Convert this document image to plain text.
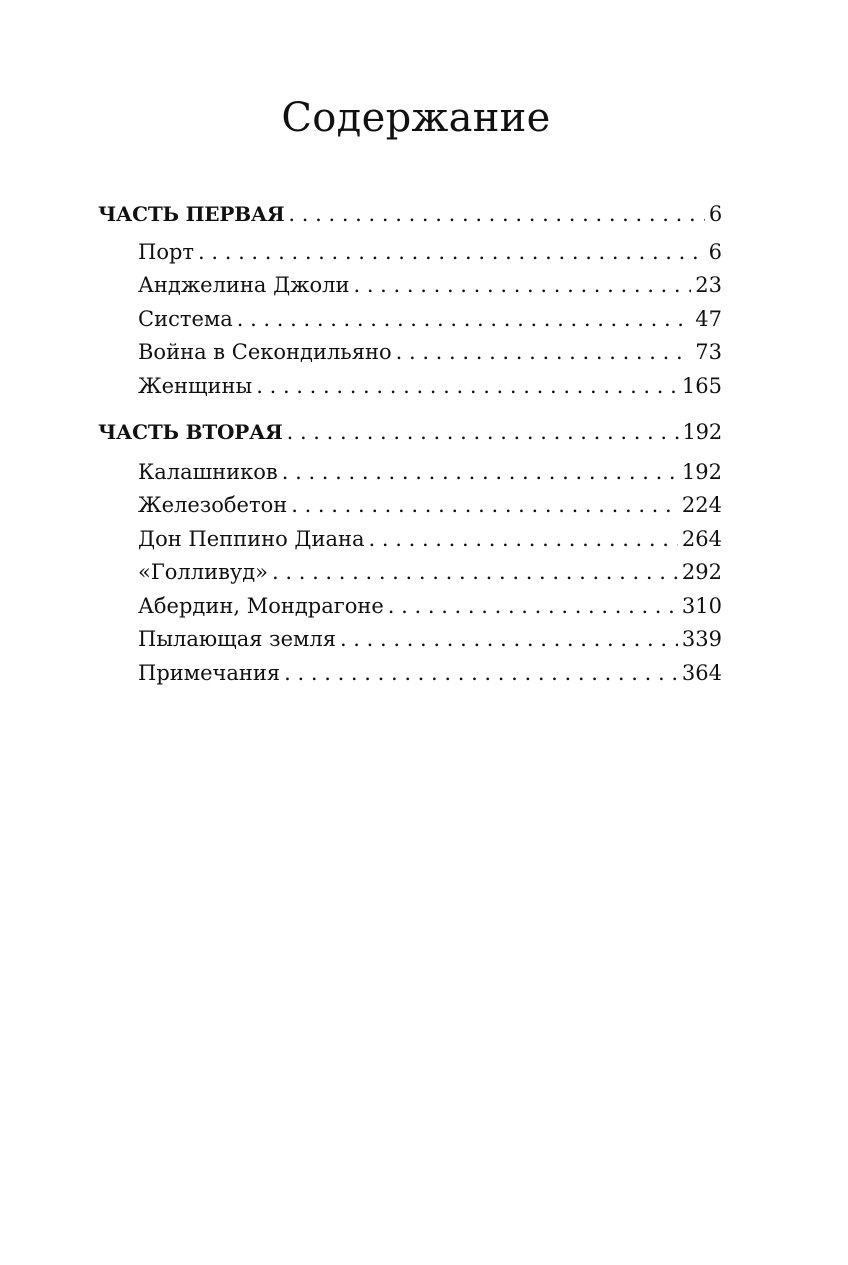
Содержание
ЧАСТЬ ПЕРВАЯ . . .	6
Порт . . .	6
Анджелина Джоли . . .	23
Система . . .	47
Война в Секондильяно . . .	73
Женщины . . .	165
ЧАСТЬ ВТОРАЯ . . .	192
Калашников . . .	192
Железобетон . . .	224
Дон Пеппино Диана . . .	264
«Голливуд» . . .	292
Абердин, Мондрагоне . . .	310
Пылающая земля . . .	339
Примечания . . .	364
